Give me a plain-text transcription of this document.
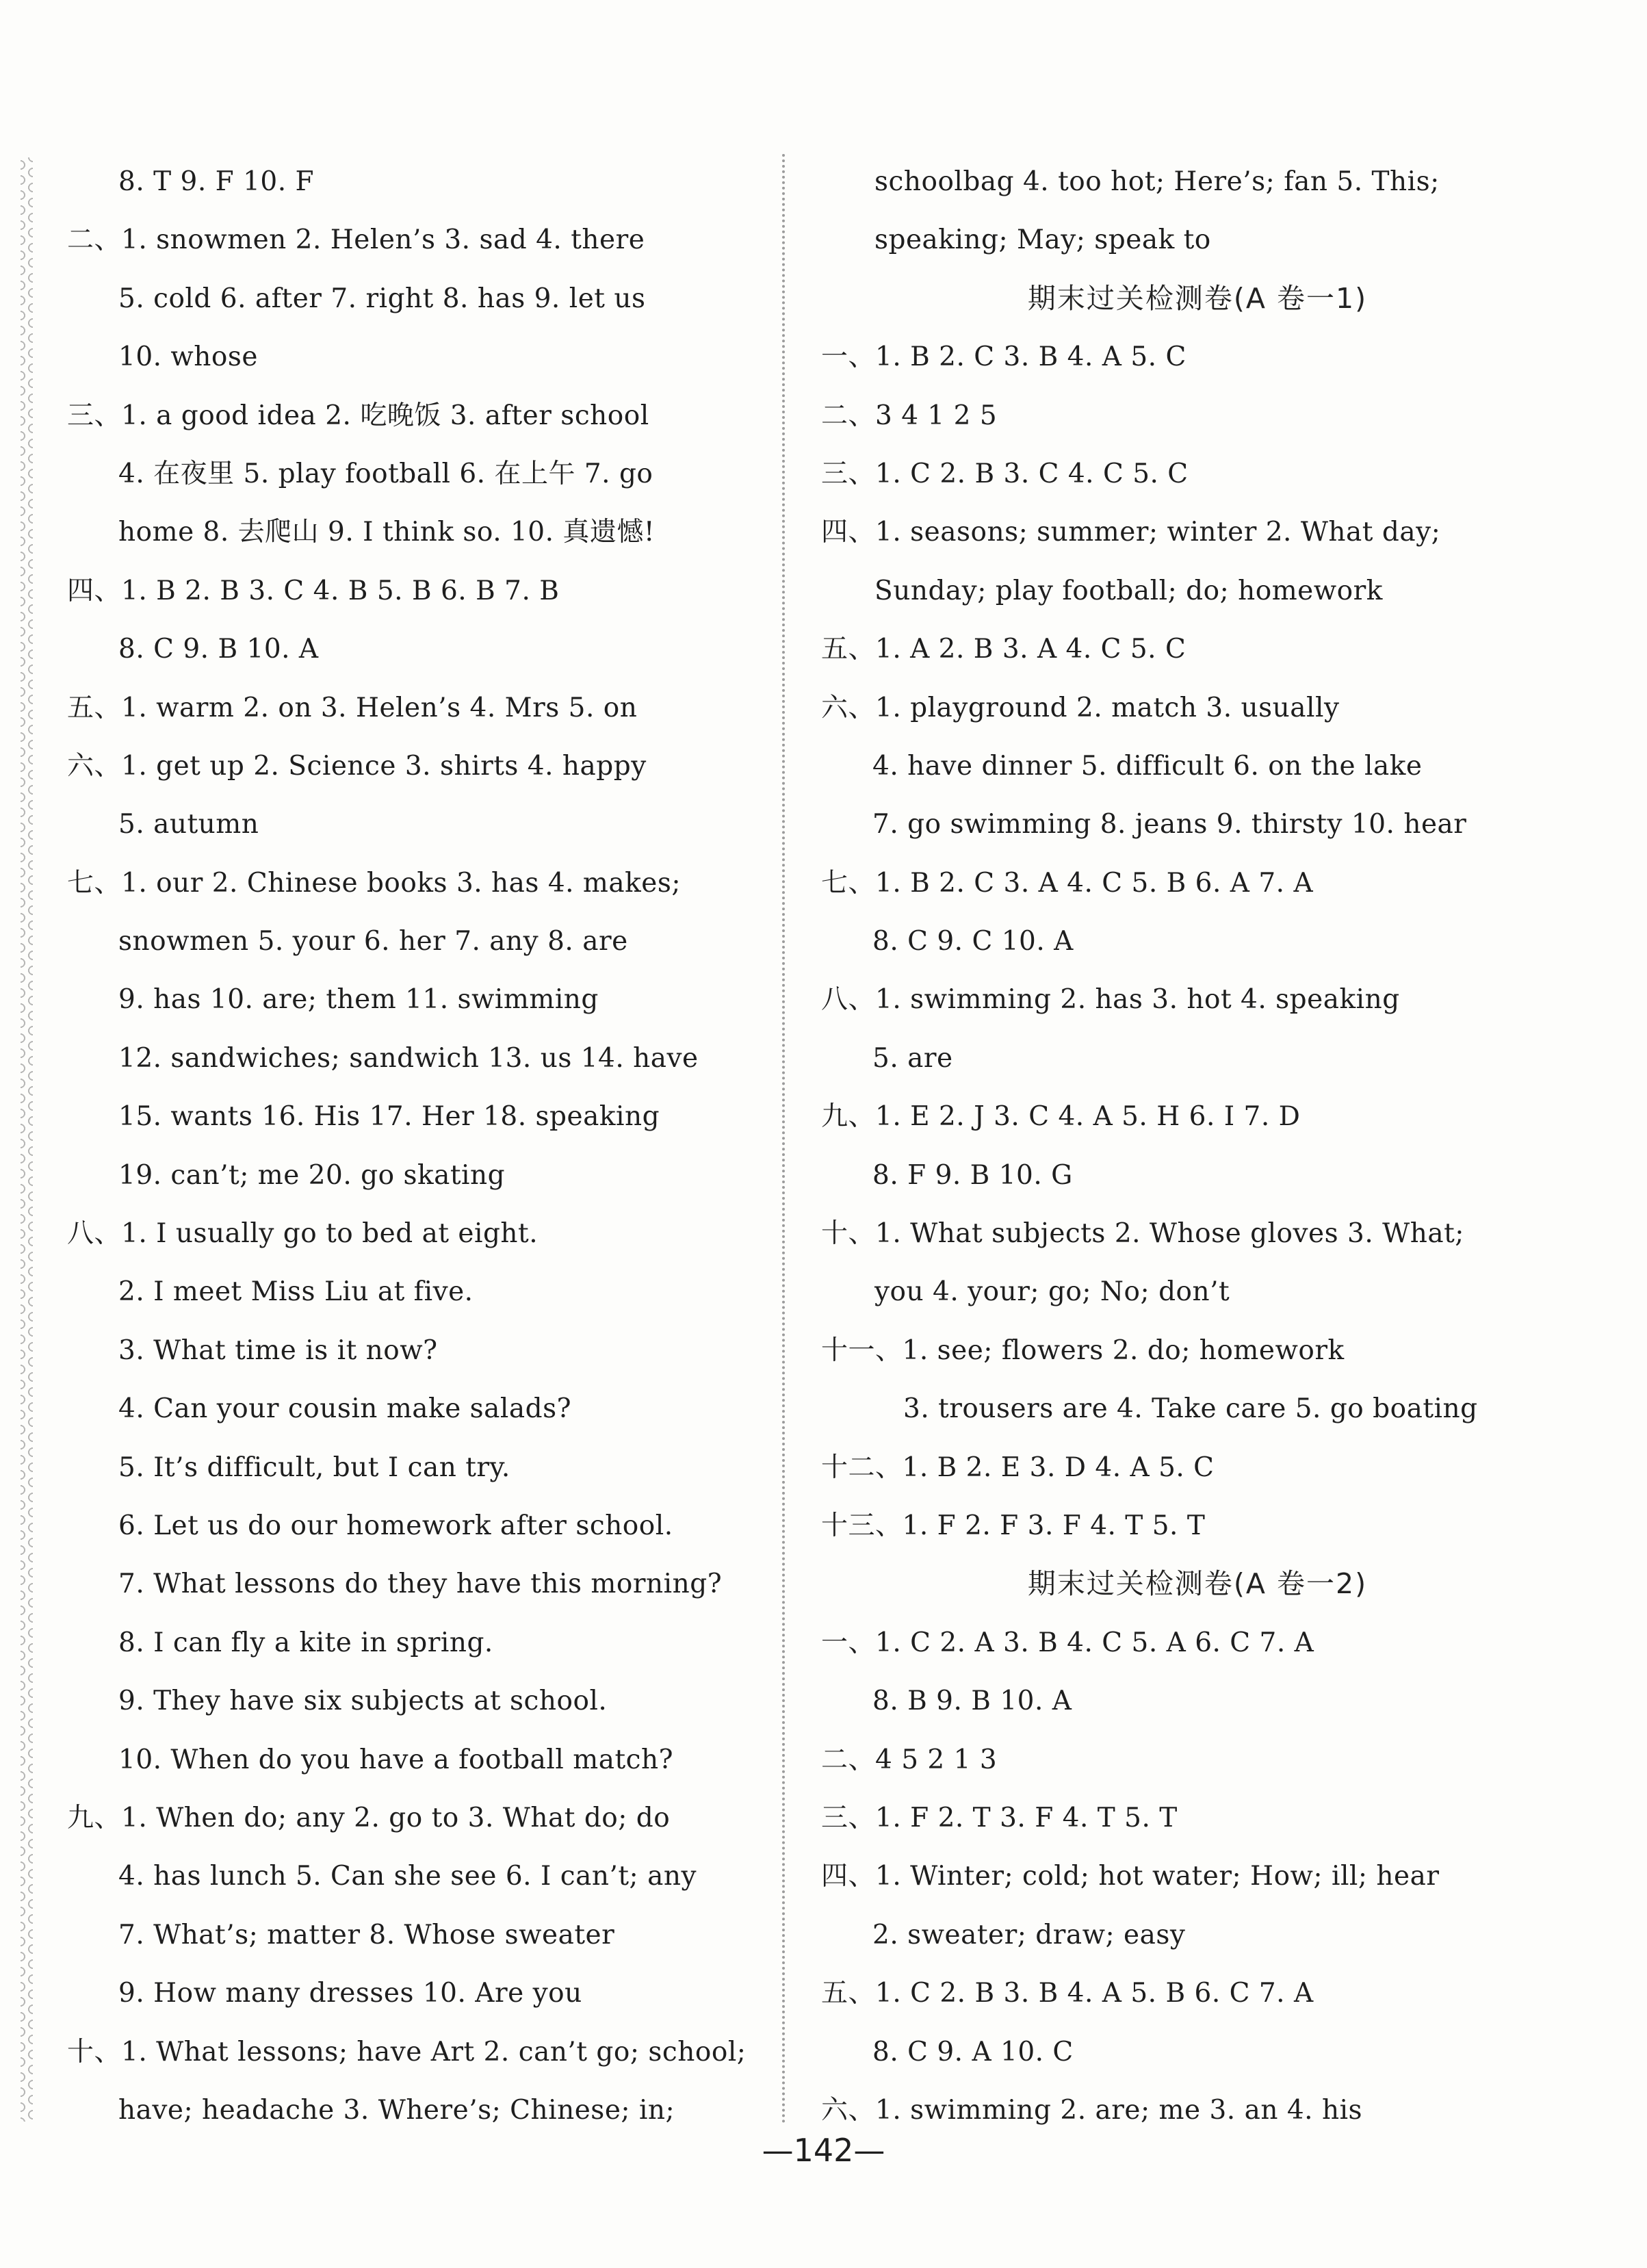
8. T 9. F 10. F
二、1. snowmen 2. Helen’s 3. sad 4. there
5. cold 6. after 7. right 8. has 9. let us
10. whose
三、1. a good idea 2. 吃晚饭 3. after school
4. 在夜里 5. play football 6. 在上午 7. go
home 8. 去爬山 9. I think so. 10. 真遗憾!
四、1. B 2. B 3. C 4. B 5. B 6. B 7. B
8. C 9. B 10. A
五、1. warm 2. on 3. Helen’s 4. Mrs 5. on
六、1. get up 2. Science 3. shirts 4. happy
5. autumn
七、1. our 2. Chinese books 3. has 4. makes;
snowmen 5. your 6. her 7. any 8. are
9. has 10. are; them 11. swimming
12. sandwiches; sandwich 13. us 14. have
15. wants 16. His 17. Her 18. speaking
19. can’t; me 20. go skating
八、1. I usually go to bed at eight.
2. I meet Miss Liu at five.
3. What time is it now?
4. Can your cousin make salads?
5. It’s difficult, but I can try.
6. Let us do our homework after school.
7. What lessons do they have this morning?
8. I can fly a kite in spring.
9. They have six subjects at school.
10. When do you have a football match?
九、1. When do; any 2. go to 3. What do; do
4. has lunch 5. Can she see 6. I can’t; any
7. What’s; matter 8. Whose sweater
9. How many dresses 10. Are you
十、1. What lessons; have Art 2. can’t go; school;
have; headache 3. Where’s; Chinese; in;
schoolbag 4. too hot; Here’s; fan 5. This;
speaking; May; speak to
期末过关检测卷(A 卷一1)
一、1. B 2. C 3. B 4. A 5. C
二、3 4 1 2 5
三、1. C 2. B 3. C 4. C 5. C
四、1. seasons; summer; winter 2. What day;
Sunday; play football; do; homework
五、1. A 2. B 3. A 4. C 5. C
六、1. playground 2. match 3. usually
4. have dinner 5. difficult 6. on the lake
7. go swimming 8. jeans 9. thirsty 10. hear
七、1. B 2. C 3. A 4. C 5. B 6. A 7. A
8. C 9. C 10. A
八、1. swimming 2. has 3. hot 4. speaking
5. are
九、1. E 2. J 3. C 4. A 5. H 6. I 7. D
8. F 9. B 10. G
十、1. What subjects 2. Whose gloves 3. What;
you 4. your; go; No; don’t
十一、1. see; flowers 2. do; homework
3. trousers are 4. Take care 5. go boating
十二、1. B 2. E 3. D 4. A 5. C
十三、1. F 2. F 3. F 4. T 5. T
期末过关检测卷(A 卷一2)
一、1. C 2. A 3. B 4. C 5. A 6. C 7. A
8. B 9. B 10. A
二、4 5 2 1 3
三、1. F 2. T 3. F 4. T 5. T
四、1. Winter; cold; hot water; How; ill; hear
2. sweater; draw; easy
五、1. C 2. B 3. B 4. A 5. B 6. C 7. A
8. C 9. A 10. C
六、1. swimming 2. are; me 3. an 4. his
—142—
